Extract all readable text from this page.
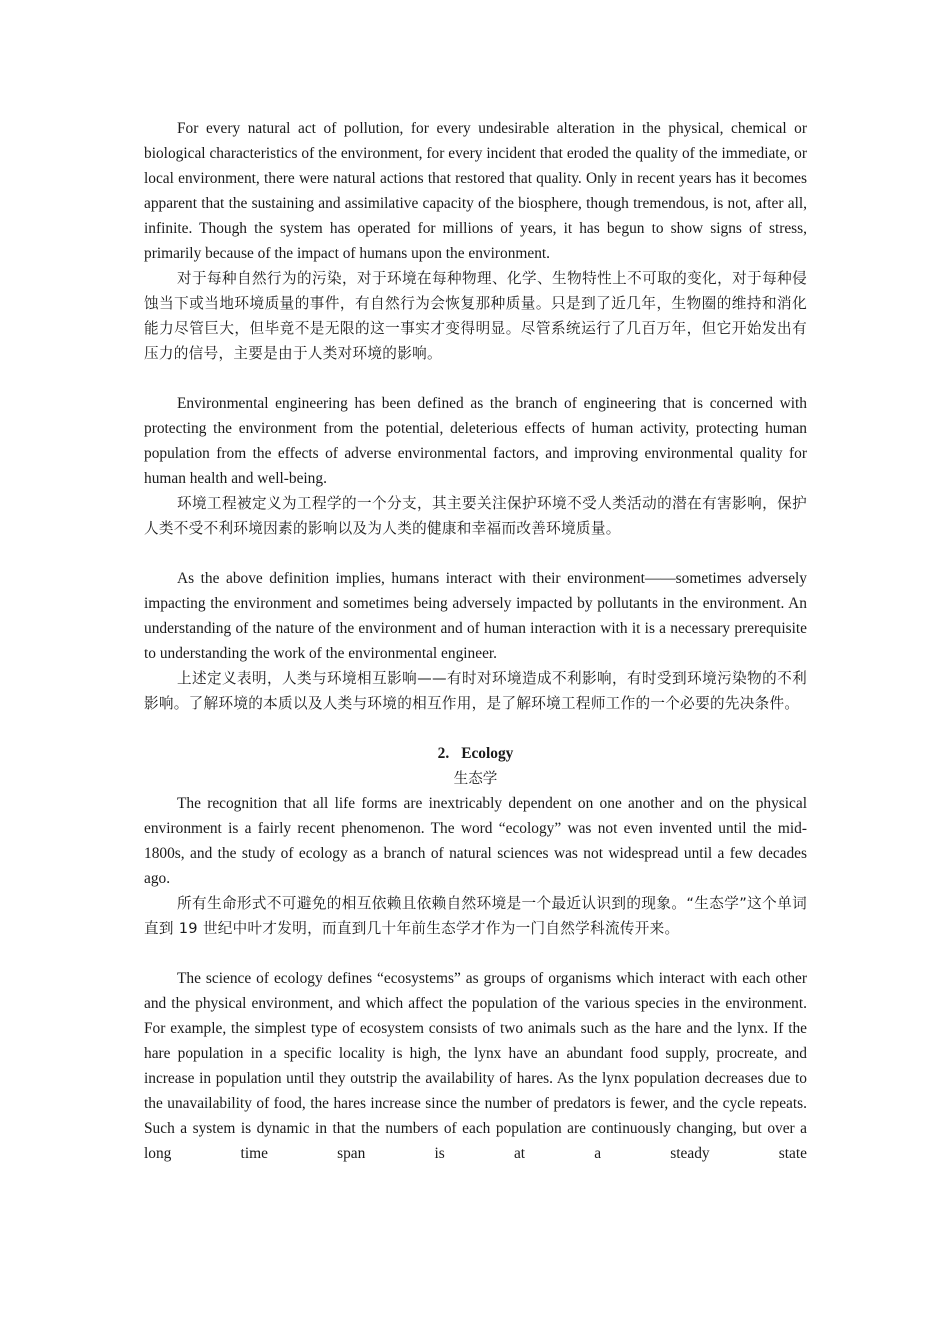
For every natural act of pollution, for every undesirable alteration in the physical, chemical or biological characteristics of the environment, for every incident that eroded the quality of the immediate, or local environment, there were natural actions that restored that quality. Only in recent years has it becomes apparent that the sustaining and assimilative capacity of the biosphere, though tremendous, is not, after all, infinite. Though the system has operated for millions of years, it has begun to show signs of stress, primarily because of the impact of humans upon the environment.

对于每种自然行为的污染，对于环境在每种物理、化学、生物特性上不可取的变化，对于每种侵蚀当下或当地环境质量的事件，有自然行为会恢复那种质量。只是到了近几年，生物圈的维持和消化能力尽管巨大，但毕竟不是无限的这一事实才变得明显。尽管系统运行了几百万年，但它开始发出有压力的信号，主要是由于人类对环境的影响。

Environmental engineering has been defined as the branch of engineering that is concerned with protecting the environment from the potential, deleterious effects of human activity, protecting human population from the effects of adverse environmental factors, and improving environmental quality for human health and well-being.

环境工程被定义为工程学的一个分支，其主要关注保护环境不受人类活动的潜在有害影响，保护人类不受不利环境因素的影响以及为人类的健康和幸福而改善环境质量。

As the above definition implies, humans interact with their environment——sometimes adversely impacting the environment and sometimes being adversely impacted by pollutants in the environment. An understanding of the nature of the environment and of human interaction with it is a necessary prerequisite to understanding the work of the environmental engineer.

上述定义表明，人类与环境相互影响——有时对环境造成不利影响，有时受到环境污染物的不利影响。了解环境的本质以及人类与环境的相互作用，是了解环境工程师工作的一个必要的先决条件。

2. Ecology

生态学

The recognition that all life forms are inextricably dependent on one another and on the physical environment is a fairly recent phenomenon. The word “ecology” was not even invented until the mid-1800s, and the study of ecology as a branch of natural sciences was not widespread until a few decades ago.

所有生命形式不可避免的相互依赖且依赖自然环境是一个最近认识到的现象。“生态学”这个单词直到 19 世纪中叶才发明，而直到几十年前生态学才作为一门自然学科流传开来。

The science of ecology defines “ecosystems” as groups of organisms which interact with each other and the physical environment, and which affect the population of the various species in the environment. For example, the simplest type of ecosystem consists of two animals such as the hare and the lynx. If the hare population in a specific locality is high, the lynx have an abundant food supply, procreate, and increase in population until they outstrip the availability of hares. As the lynx population decreases due to the unavailability of food, the hares increase since the number of predators is fewer, and the cycle repeats. Such a system is dynamic in that the numbers of each population are continuously changing, but over a long time span is at a steady state
